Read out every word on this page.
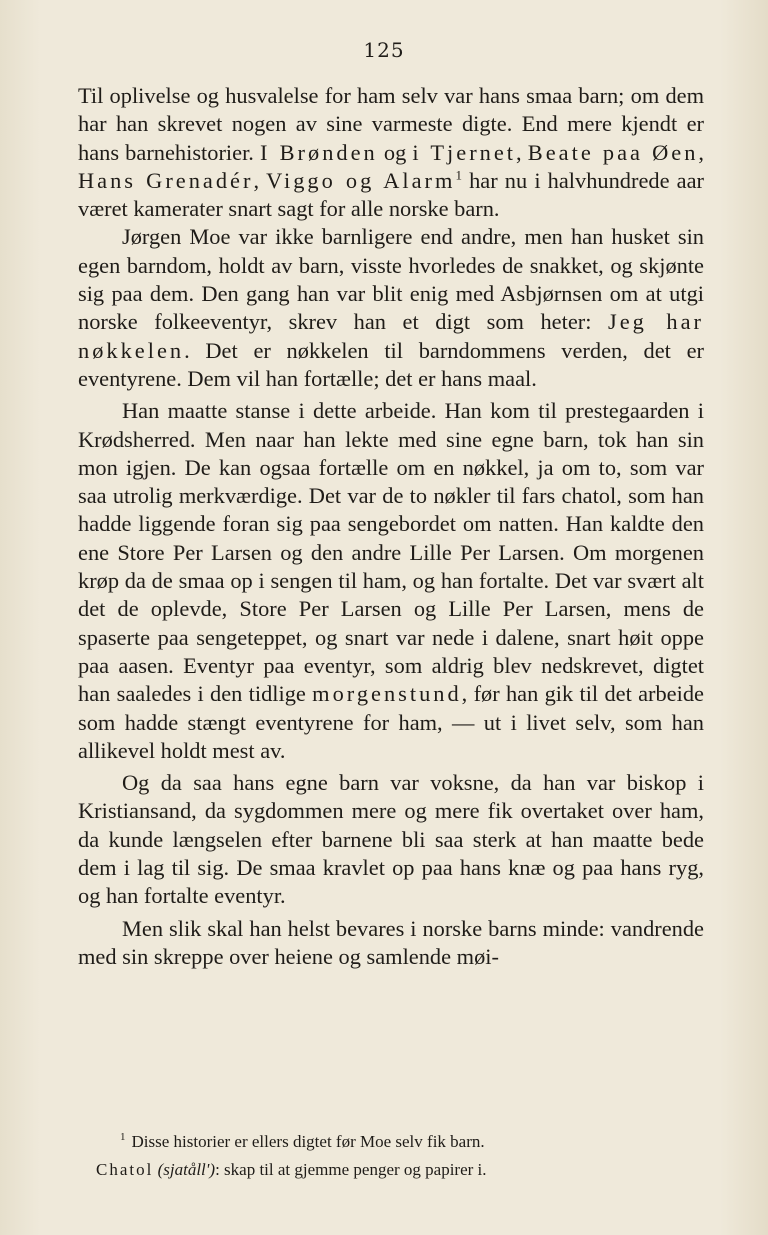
125

Til oplivelse og husvalelse for ham selv var hans smaa barn; om dem har han skrevet nogen av sine varmeste digte. End mere kjendt er hans barnehistorier. I Brønden og i Tjernet, Beate paa Øen, Hans Grenadér, Viggo og Alarm$^1$ har nu i halvhundrede aar været kamerater snart sagt for alle norske barn.

Jørgen Moe var ikke barnligere end andre, men han husket sin egen barndom, holdt av barn, visste hvorledes de snakket, og skjønte sig paa dem. Den gang han var blit enig med Asbjørnsen om at utgi norske folkeeventyr, skrev han et digt som heter: Jeg har nøkkelen. Det er nøkkelen til barndommens verden, det er eventyrene. Dem vil han fortælle; det er hans maal.

Han maatte stanse i dette arbeide. Han kom til prestegaarden i Krødsherred. Men naar han lekte med sine egne barn, tok han sin mon igjen. De kan ogsaa fortælle om en nøkkel, ja om to, som var saa utrolig merkværdige. Det var de to nøkler til fars chatol, som han hadde liggende foran sig paa sengebordet om natten. Han kaldte den ene Store Per Larsen og den andre Lille Per Larsen. Om morgenen krøp da de smaa op i sengen til ham, og han fortalte. Det var svært alt det de oplevde, Store Per Larsen og Lille Per Larsen, mens de spaserte paa sengeteppet, og snart var nede i dalene, snart høit oppe paa aasen. Eventyr paa eventyr, som aldrig blev nedskrevet, digtet han saaledes i den tidlige morgenstund, før han gik til det arbeide som hadde stængt eventyrene for ham, — ut i livet selv, som han allikevel holdt mest av.

Og da saa hans egne barn var voksne, da han var biskop i Kristiansand, da sygdommen mere og mere fik overtaket over ham, da kunde længselen efter barnene bli saa sterk at han maatte bede dem i lag til sig. De smaa kravlet op paa hans knæ og paa hans ryg, og han fortalte eventyr.

Men slik skal han helst bevares i norske barns minde: vandrende med sin skreppe over heiene og samlende møi-

$^1$ Disse historier er ellers digtet før Moe selv fik barn.

Chatol (sjatåll'): skap til at gjemme penger og papirer i.
